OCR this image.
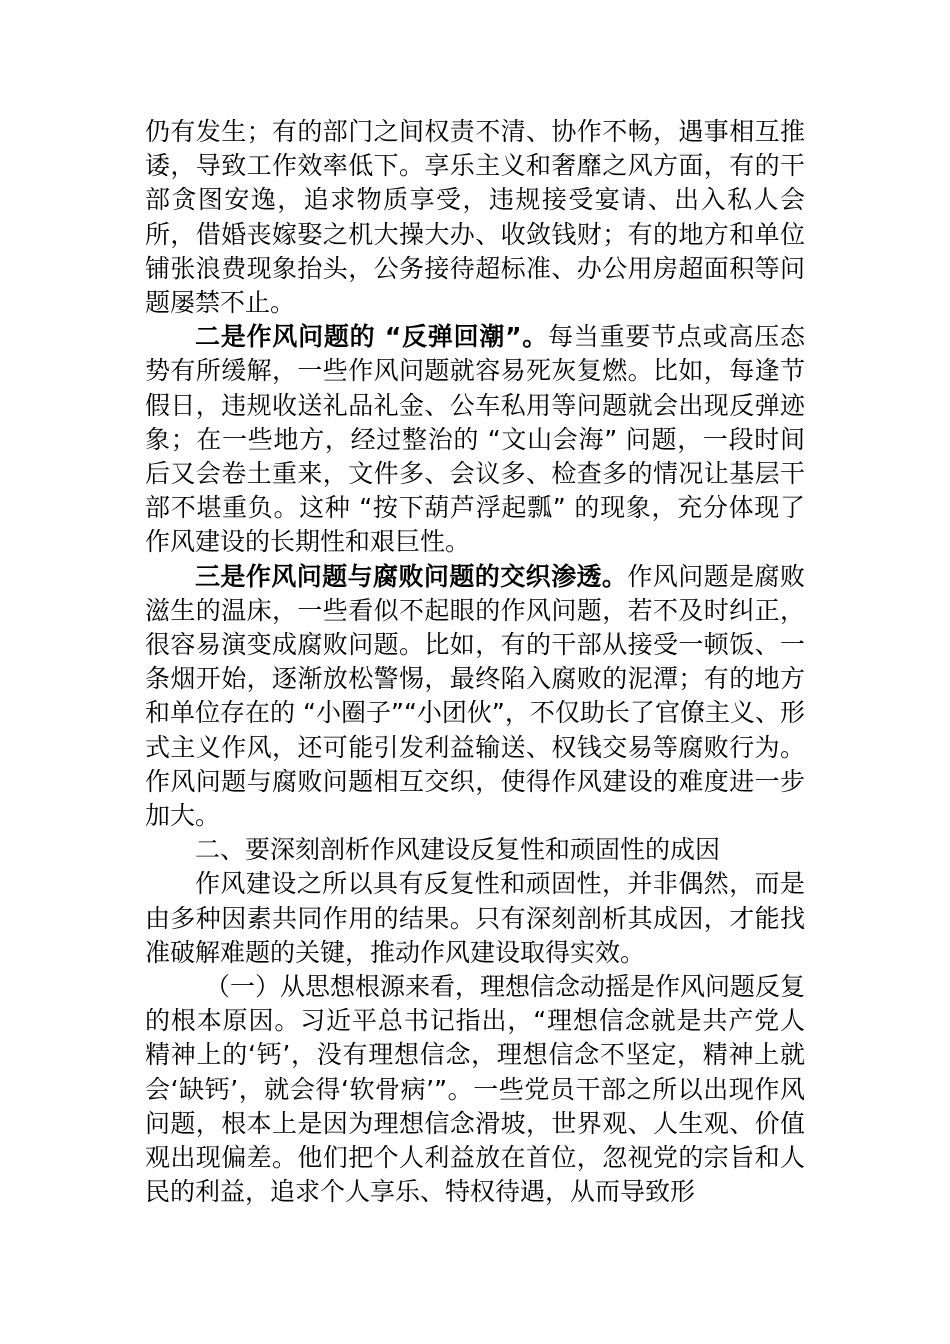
仍有发生；有的部门之间权责不清、协作不畅，遇事相互推诿，导致工作效率低下。享乐主义和奢靡之风方面，有的干部贪图安逸，追求物质享受，违规接受宴请、出入私人会所，借婚丧嫁娶之机大操大办、收敛钱财；有的地方和单位铺张浪费现象抬头，公务接待超标准、办公用房超面积等问题屡禁不止。

二是作风问题的 “反弹回潮”。每当重要节点或高压态势有所缓解，一些作风问题就容易死灰复燃。比如，每逢节假日，违规收送礼品礼金、公车私用等问题就会出现反弹迹象；在一些地方，经过整治的 “文山会海” 问题，一段时间后又会卷土重来，文件多、会议多、检查多的情况让基层干部不堪重负。这种 “按下葫芦浮起瓢” 的现象，充分体现了作风建设的长期性和艰巨性。

三是作风问题与腐败问题的交织渗透。作风问题是腐败滋生的温床，一些看似不起眼的作风问题，若不及时纠正，很容易演变成腐败问题。比如，有的干部从接受一顿饭、一条烟开始，逐渐放松警惕，最终陷入腐败的泥潭；有的地方和单位存在的 “小圈子”“小团伙”，不仅助长了官僚主义、形式主义作风，还可能引发利益输送、权钱交易等腐败行为。作风问题与腐败问题相互交织，使得作风建设的难度进一步加大。

二、要深刻剖析作风建设反复性和顽固性的成因

作风建设之所以具有反复性和顽固性，并非偶然，而是由多种因素共同作用的结果。只有深刻剖析其成因，才能找准破解难题的关键，推动作风建设取得实效。

（一）从思想根源来看，理想信念动摇是作风问题反复的根本原因。习近平总书记指出，“理想信念就是共产党人精神上的‘钙’，没有理想信念，理想信念不坚定，精神上就会‘缺钙’，就会得‘软骨病’”。一些党员干部之所以出现作风问题，根本上是因为理想信念滑坡，世界观、人生观、价值观出现偏差。他们把个人利益放在首位，忽视党的宗旨和人民的利益，追求个人享乐、特权待遇，从而导致形
